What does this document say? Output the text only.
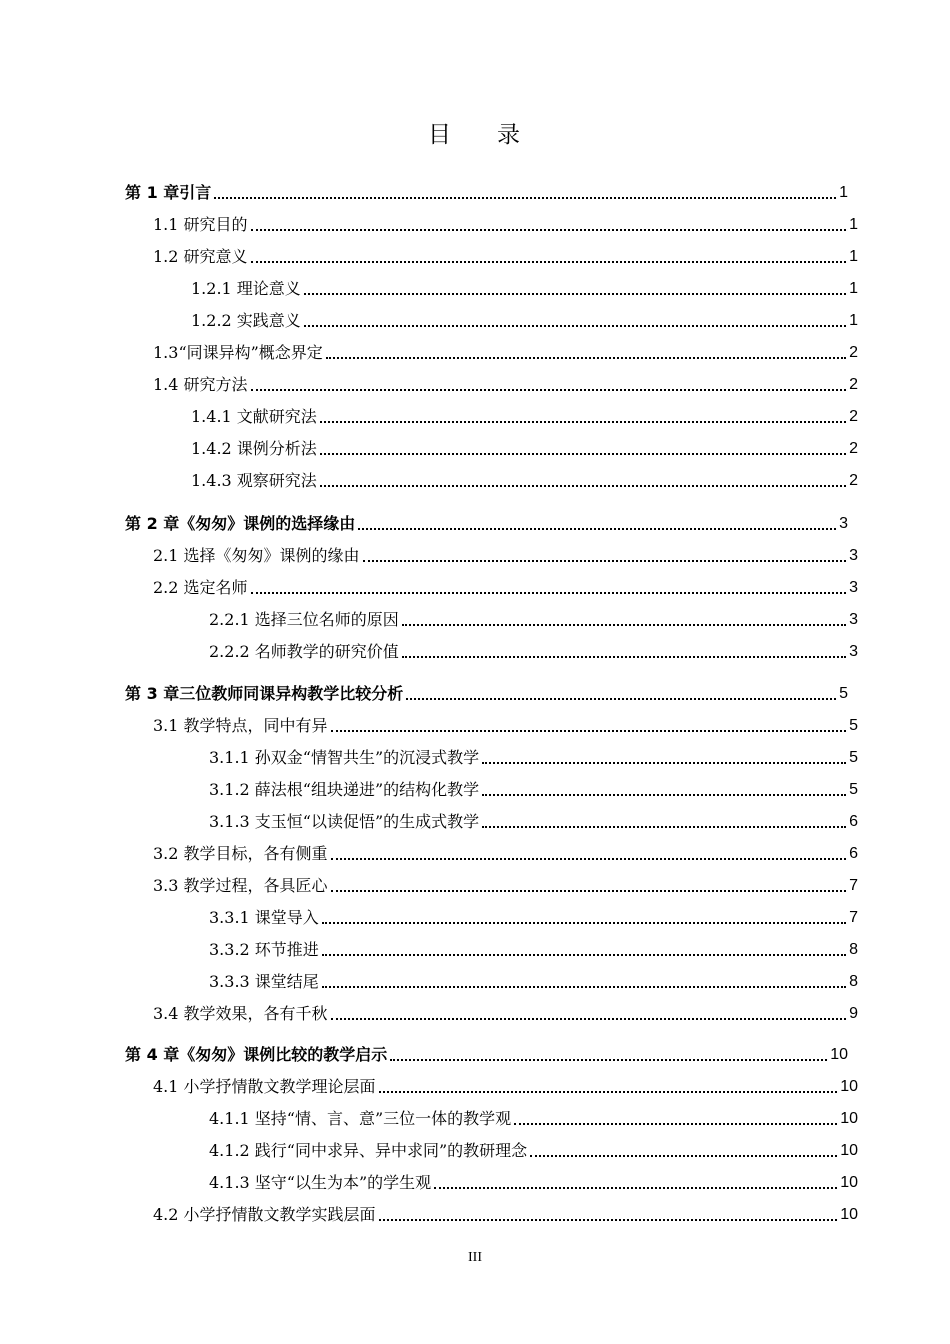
目 录
第 1 章引言	1
1.1 研究目的	1
1.2 研究意义	1
1.2.1 理论意义	1
1.2.2 实践意义	1
1.3“同课异构”概念界定	2
1.4 研究方法	2
1.4.1 文献研究法	2
1.4.2 课例分析法	2
1.4.3 观察研究法	2
第 2 章《匆匆》课例的选择缘由	3
2.1 选择《匆匆》课例的缘由	3
2.2 选定名师	3
2.2.1 选择三位名师的原因	3
2.2.2 名师教学的研究价值	3
第 3 章三位教师同课异构教学比较分析	5
3.1 教学特点，同中有异	5
3.1.1 孙双金“情智共生”的沉浸式教学	5
3.1.2 薛法根“组块递进”的结构化教学	5
3.1.3 支玉恒“以读促悟”的生成式教学	6
3.2 教学目标，各有侧重	6
3.3 教学过程，各具匠心	7
3.3.1 课堂导入	7
3.3.2 环节推进	8
3.3.3 课堂结尾	8
3.4 教学效果，各有千秋	9
第 4 章《匆匆》课例比较的教学启示	10
4.1 小学抒情散文教学理论层面	10
4.1.1 坚持“情、言、意”三位一体的教学观	10
4.1.2 践行“同中求异、异中求同”的教研理念	10
4.1.3 坚守“以生为本”的学生观	10
4.2 小学抒情散文教学实践层面	10
III
